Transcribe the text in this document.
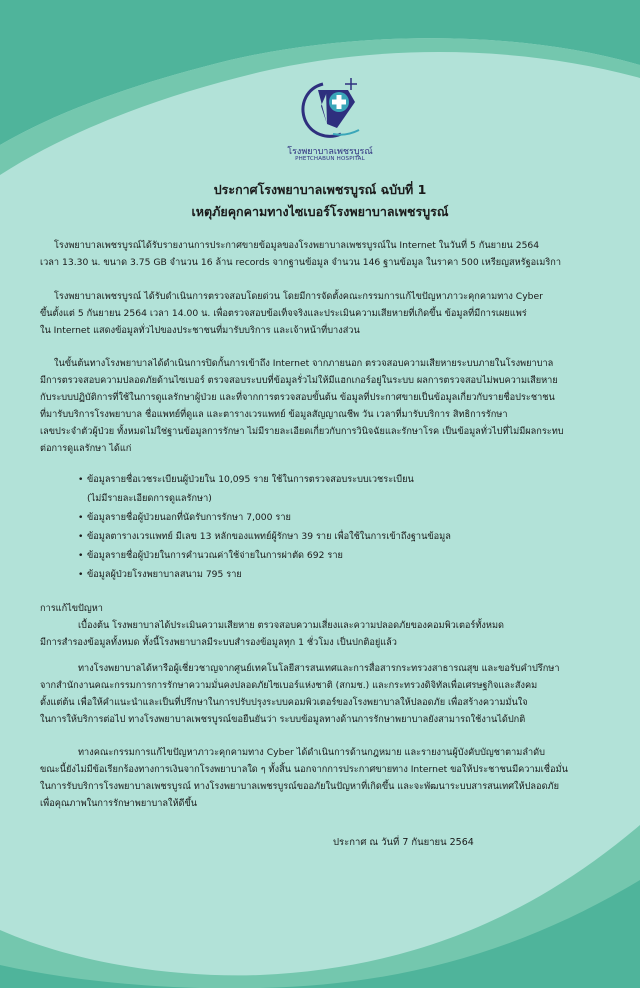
โรงพยาบาลเพชรบูรณ์
PHETCHABUN HOSPITAL
ประกาศโรงพยาบาลเพชรบูรณ์ ฉบับที่ 1
เหตุภัยคุกคามทางไซเบอร์โรงพยาบาลเพชรบูรณ์
โรงพยาบาลเพชรบูรณ์ได้รับรายงานการประกาศขายข้อมูลของโรงพยาบาลเพชรบูรณ์ใน Internet ในวันที่ 5 กันยายน 2564
เวลา 13.30 น. ขนาด 3.75 GB จำนวน 16 ล้าน records จากฐานข้อมูล จำนวน 146 ฐานข้อมูล ในราคา 500 เหรียญสหรัฐอเมริกา
โรงพยาบาลเพชรบูรณ์ ได้รับดำเนินการตรวจสอบโดยด่วน โดยมีการจัดตั้งคณะกรรมการแก้ไขปัญหาภาวะคุกคามทาง Cyber
ขึ้นตั้งแต่ 5 กันยายน 2564 เวลา 14.00 น. เพื่อตรวจสอบข้อเท็จจริงและประเมินความเสียหายที่เกิดขึ้น ข้อมูลที่มีการเผยแพร่
ใน Internet แสดงข้อมูลทั่วไปของประชาชนที่มารับบริการ และเจ้าหน้าที่บางส่วน
ในขั้นต้นทางโรงพยาบาลได้ดำเนินการปิดกั้นการเข้าถึง Internet จากภายนอก ตรวจสอบความเสียหายระบบภายในโรงพยาบาล
มีการตรวจสอบความปลอดภัยด้านไซเบอร์ ตรวจสอบระบบที่ข้อมูลรั่วไม่ให้มีแฮกเกอร์อยู่ในระบบ ผลการตรวจสอบไม่พบความเสียหาย
กับระบบปฏิบัติการที่ใช้ในการดูแลรักษาผู้ป่วย และที่จากการตรวจสอบขั้นต้น ข้อมูลที่ประกาศขายเป็นข้อมูลเกี่ยวกับรายชื่อประชาชน
ที่มารับบริการโรงพยาบาล ชื่อแพทย์ที่ดูแล และตารางเวรแพทย์ ข้อมูลสัญญาณชีพ วัน เวลาที่มารับบริการ สิทธิการรักษา
เลขประจำตัวผู้ป่วย ทั้งหมดไม่ใช่ฐานข้อมูลการรักษา ไม่มีรายละเอียดเกี่ยวกับการวินิจฉัยและรักษาโรค เป็นข้อมูลทั่วไปที่ไม่มีผลกระทบ
ต่อการดูแลรักษา ได้แก่
• ข้อมูลรายชื่อเวชระเบียนผู้ป่วยใน 10,095 ราย ใช้ในการตรวจสอบระบบเวชระเบียน
(ไม่มีรายละเอียดการดูแลรักษา)
• ข้อมูลรายชื่อผู้ป่วยนอกที่นัดรับการรักษา 7,000 ราย
• ข้อมูลตารางเวรแพทย์ มีเลข 13 หลักของแพทย์ผู้รักษา 39 ราย เพื่อใช้ในการเข้าถึงฐานข้อมูล
• ข้อมูลรายชื่อผู้ป่วยในการคำนวณค่าใช้จ่ายในการผ่าตัด 692 ราย
• ข้อมูลผู้ป่วยโรงพยาบาลสนาม 795 ราย
การแก้ไขปัญหา
เบื้องต้น โรงพยาบาลได้ประเมินความเสียหาย ตรวจสอบความเสี่ยงและความปลอดภัยของคอมพิวเตอร์ทั้งหมด
มีการสำรองข้อมูลทั้งหมด ทั้งนี้โรงพยาบาลมีระบบสำรองข้อมูลทุก 1 ชั่วโมง เป็นปกติอยู่แล้ว
ทางโรงพยาบาลได้หารือผู้เชี่ยวชาญจากศูนย์เทคโนโลยีสารสนเทศและการสื่อสารกระทรวงสาธารณสุข และขอรับคำปรึกษา
จากสำนักงานคณะกรรมการการรักษาความมั่นคงปลอดภัยไซเบอร์แห่งชาติ (สกมช.) และกระทรวงดิจิทัลเพื่อเศรษฐกิจและสังคม
ตั้งแต่ต้น เพื่อให้คำแนะนำและเป็นที่ปรึกษาในการปรับปรุงระบบคอมพิวเตอร์ของโรงพยาบาลให้ปลอดภัย เพื่อสร้างความมั่นใจ
ในการให้บริการต่อไป ทางโรงพยาบาลเพชรบูรณ์ขอยืนยันว่า ระบบข้อมูลทางด้านการรักษาพยาบาลยังสามารถใช้งานได้ปกติ
ทางคณะกรรมการแก้ไขปัญหาภาวะคุกคามทาง Cyber ได้ดำเนินการด้านกฎหมาย และรายงานผู้บังคับบัญชาตามลำดับ
ขณะนี้ยังไม่มีข้อเรียกร้องทางการเงินจากโรงพยาบาลใด ๆ ทั้งสิ้น นอกจากการประกาศขายทาง Internet ขอให้ประชาชนมีความเชื่อมั่น
ในการรับบริการโรงพยาบาลเพชรบูรณ์ ทางโรงพยาบาลเพชรบูรณ์ขออภัยในปัญหาที่เกิดขึ้น และจะพัฒนาระบบสารสนเทศให้ปลอดภัย
เพื่อคุณภาพในการรักษาพยาบาลให้ดีขึ้น
ประกาศ ณ วันที่ 7 กันยายน 2564
